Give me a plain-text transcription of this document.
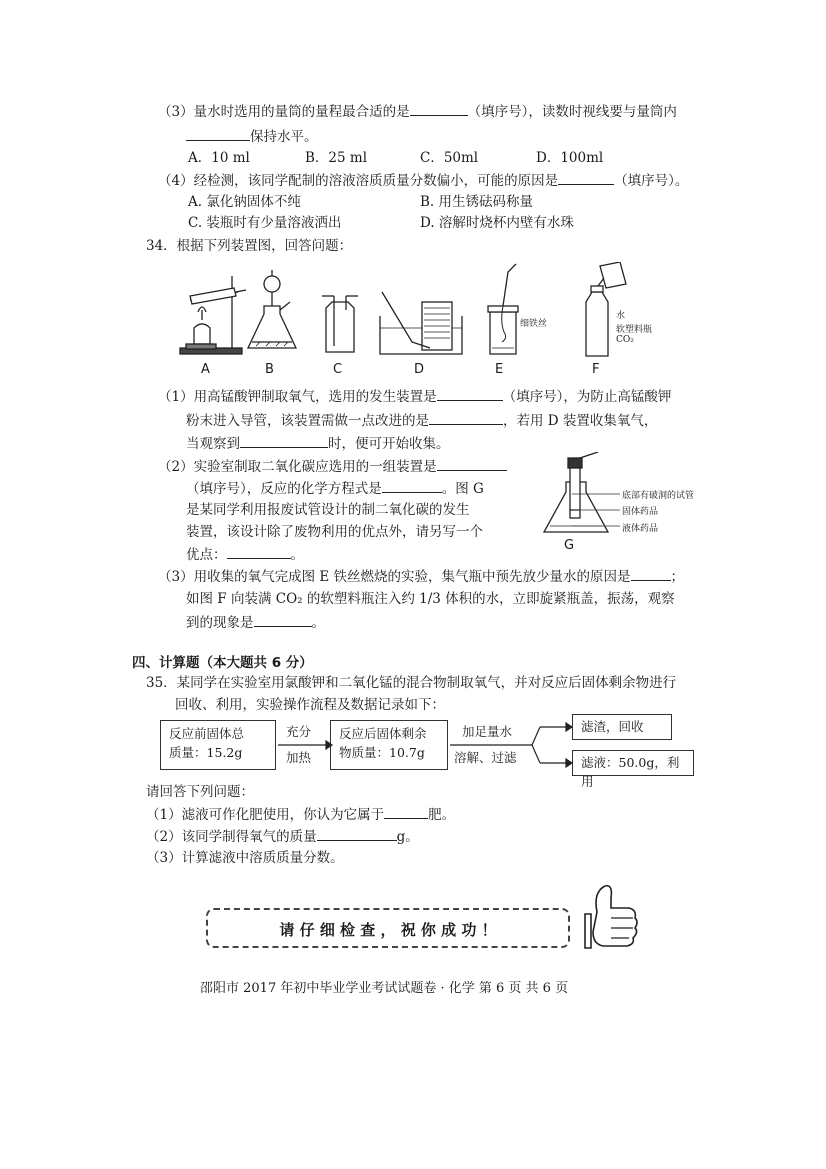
（3）量水时选用的量筒的量程最合适的是	（填序号），读数时视线要与量筒内
保持水平。
A．10 ml	B．25 ml	C．50ml	D．100ml
（4）经检测，该同学配制的溶液溶质质量分数偏小，可能的原因是	（填序号）。
A. 氯化钠固体不纯	B. 用生锈砝码称量
C. 装瓶时有少量溶液洒出	D. 溶解时烧杯内壁有水珠
34．根据下列装置图，回答问题：
A	B	C	D	E	F
细铁丝
水
软塑料瓶
CO₂
（1）用高锰酸钾制取氧气，选用的发生装置是	（填序号），为防止高锰酸钾
粉末进入导管，该装置需做一点改进的是	，若用 D 装置收集氧气，
当观察到	时，便可开始收集。
（2）实验室制取二氧化碳应选用的一组装置是
（填序号），反应的化学方程式是	。图 G
是某同学利用报废试管设计的制二氧化碳的发生
装置，该设计除了废物利用的优点外，请另写一个
优点：	。
底部有破洞的试管
固体药品
液体药品
G
（3）用收集的氧气完成图 E 铁丝燃烧的实验，集气瓶中预先放少量水的原因是	；
如图 F 向装满 CO₂ 的软塑料瓶注入约 1/3 体积的水，立即旋紧瓶盖，振荡，观察
到的现象是	。
四、计算题（本大题共 6 分）
35．某同学在实验室用氯酸钾和二氧化锰的混合物制取氧气，并对反应后固体剩余物进行
回收、利用，实验操作流程及数据记录如下：
反应前固体总
质量：15.2g
充分
加热
反应后固体剩余
物质量：10.7g
加足量水
溶解、过滤
滤渣，回收
滤液：50.0g，利用
请回答下列问题：
（1）滤液可作化肥使用，你认为它属于	肥。
（2）该同学制得氧气的质量	g。
（3）计算滤液中溶质质量分数。
请 仔 细 检 查 ， 祝 你 成 功 ！
邵阳市 2017 年初中毕业学业考试试题卷 · 化学 第 6 页 共 6 页
